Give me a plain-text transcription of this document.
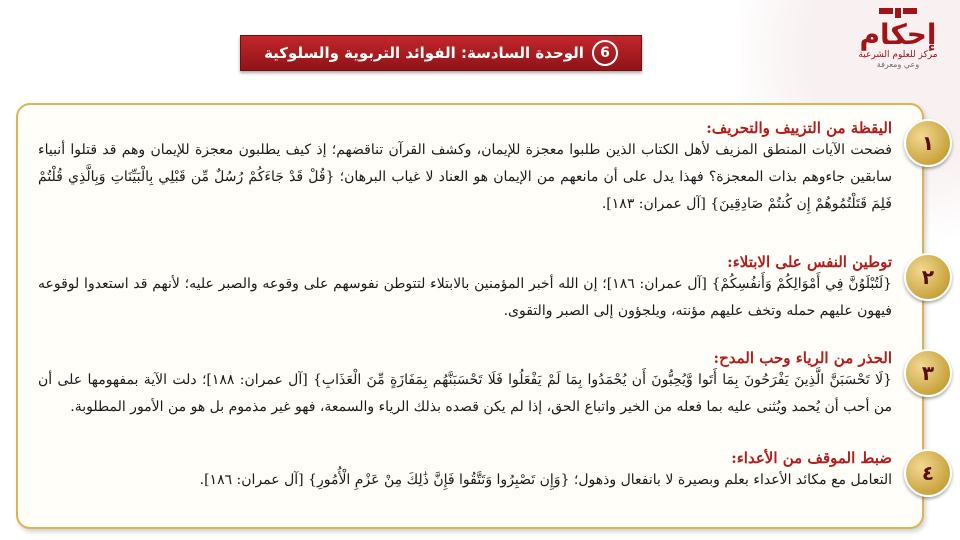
6
الوحدة السادسة: الفوائد التربوية والسلوكية
إحكام
مركز للعلوم الشرعية
وعي ومعرفة
١
اليقظة من التزييف والتحريف:
فضحت الآيات المنطق المزيف لأهل الكتاب الذين طلبوا معجزة للإيمان، وكشف القرآن تناقضهم؛ إذ كيف يطلبون معجزة للإيمان وهم قد قتلوا أنبياء سابقين جاءوهم بذات المعجزة؟ فهذا يدل على أن مانعهم من الإيمان هو العناد لا غياب البرهان؛ {قُلْ قَدْ جَاءَكُمْ رُسُلٌ مِّن قَبْلِي بِالْبَيِّنَاتِ وَبِالَّذِي قُلْتُمْ فَلِمَ قَتَلْتُمُوهُمْ إِن كُنتُمْ صَادِقِينَ} [آل عمران: ١٨٣].
٢
توطين النفس على الابتلاء:
{لَتُبْلَوُنَّ فِي أَمْوَالِكُمْ وَأَنفُسِكُمْ} [آل عمران: ١٨٦]؛ إن الله أخبر المؤمنين بالابتلاء لتتوطن نفوسهم على وقوعه والصبر عليه؛ لأنهم قد استعدوا لوقوعه فيهون عليهم حمله وتخف عليهم مؤنته، ويلجؤون إلى الصبر والتقوى.
٣
الحذر من الرياء وحب المدح:
{لَا تَحْسَبَنَّ الَّذِينَ يَفْرَحُونَ بِمَا أَتَوا وَّيُحِبُّونَ أَن يُحْمَدُوا بِمَا لَمْ يَفْعَلُوا فَلَا تَحْسَبَنَّهُم بِمَفَازَةٍ مِّنَ الْعَذَابِ} [آل عمران: ١٨٨]؛ دلت الآية بمفهومها على أن من أحب أن يُحمد ويُثنى عليه بما فعله من الخير واتباع الحق، إذا لم يكن قصده بذلك الرياء والسمعة، فهو غير مذموم بل هو من الأمور المطلوبة.
٤
ضبط الموقف من الأعداء:
التعامل مع مكائد الأعداء بعلم وبصيرة لا بانفعال وذهول؛ {وَإِن تَصْبِرُوا وَتَتَّقُوا فَإِنَّ ذَٰلِكَ مِنْ عَزْمِ الْأُمُورِ} [آل عمران: ١٨٦].
